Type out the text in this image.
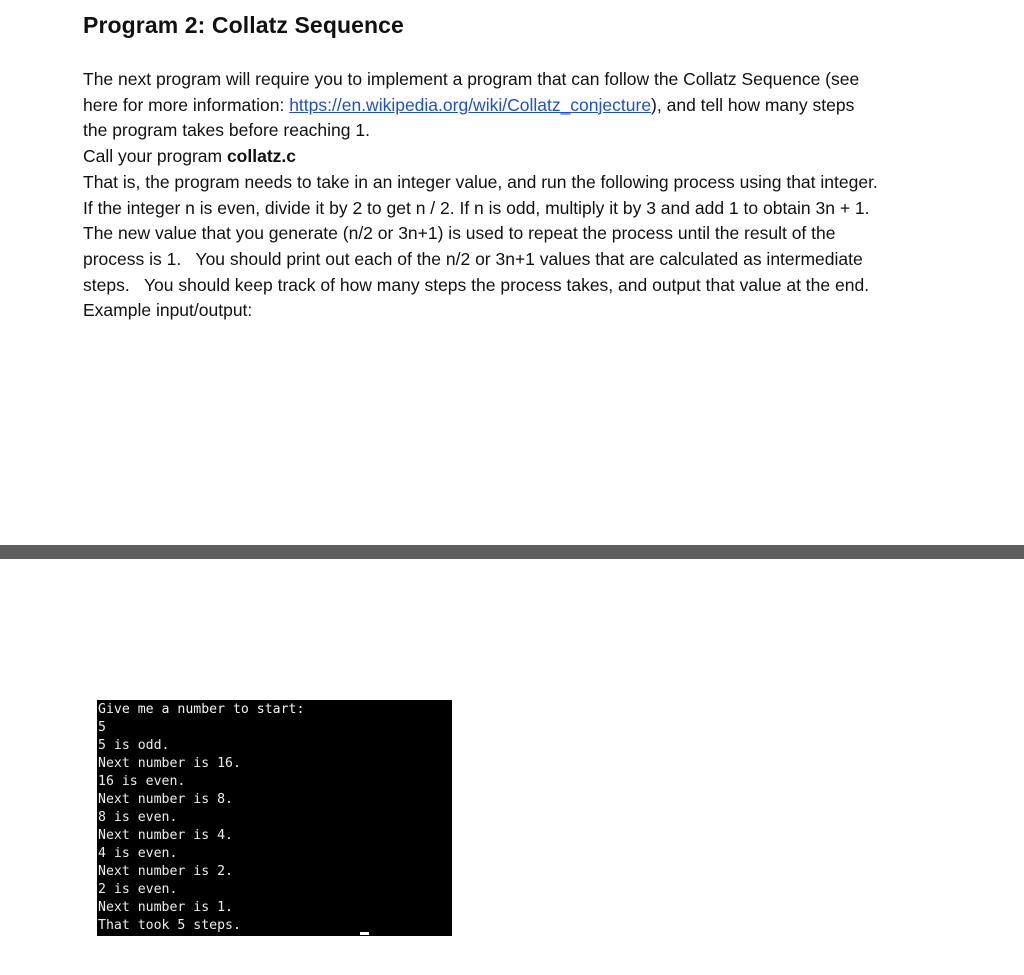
Program 2: Collatz Sequence
The next program will require you to implement a program that can follow the Collatz Sequence (see
here for more information: https://en.wikipedia.org/wiki/Collatz_conjecture), and tell how many steps
the program takes before reaching 1.
Call your program collatz.c
That is, the program needs to take in an integer value, and run the following process using that integer.
If the integer n is even, divide it by 2 to get n / 2. If n is odd, multiply it by 3 and add 1 to obtain 3n + 1.
The new value that you generate (n/2 or 3n+1) is used to repeat the process until the result of the
process is 1.   You should print out each of the n/2 or 3n+1 values that are calculated as intermediate
steps.   You should keep track of how many steps the process takes, and output that value at the end.
Example input/output:
Give me a number to start:
5
5 is odd.
Next number is 16.
16 is even.
Next number is 8.
8 is even.
Next number is 4.
4 is even.
Next number is 2.
2 is even.
Next number is 1.
That took 5 steps.
